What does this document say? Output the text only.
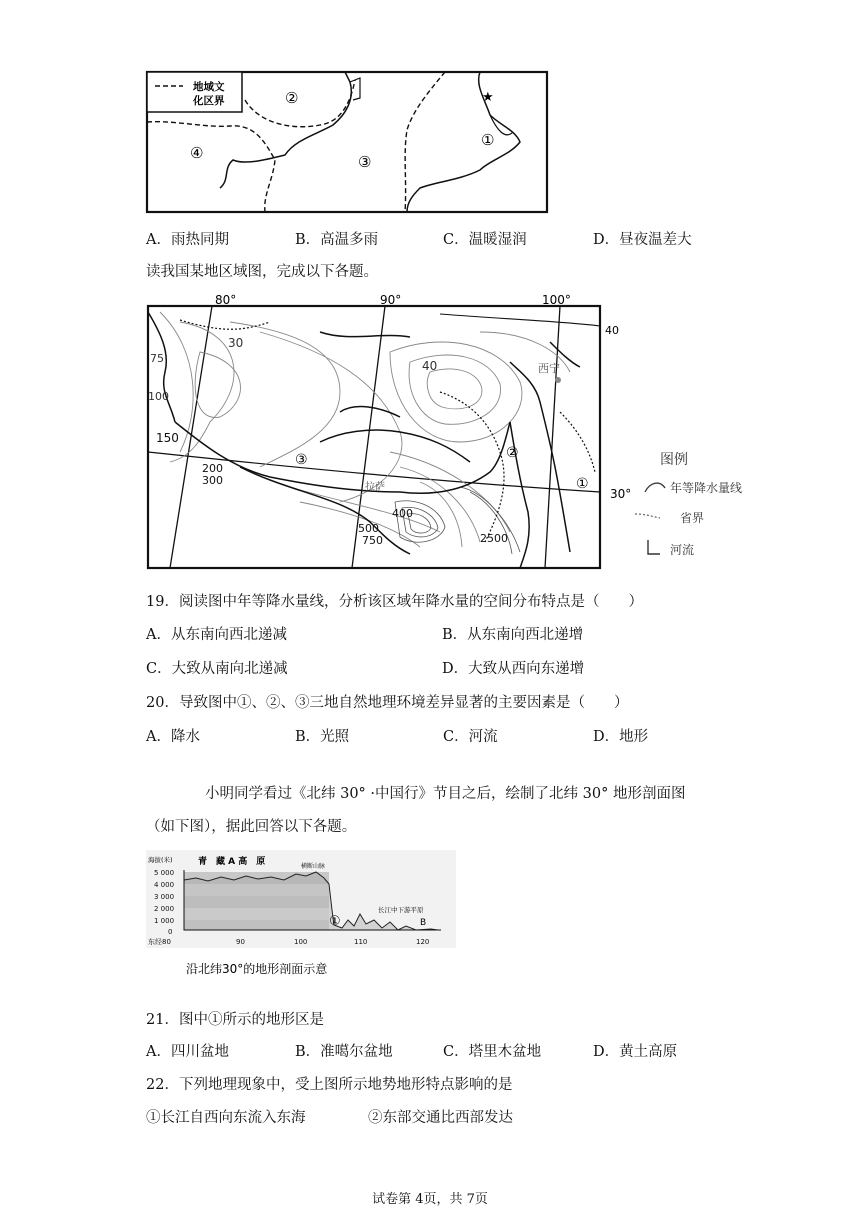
地域文
化区界	★
②
④	③
①
A．雨热同期	B．高温多雨	C．温暖湿润	D．昼夜温差大
读我国某地区域图，完成以下各题。
80°	90°	100°
40
30°
30
75
100
150
200
300
40
500
750
400
2500
西宁
拉萨
③	②
①
图例
年等降水量线
省界
河流
19．阅读图中年等降水量线，分析该区域年降水量的空间分布特点是（　　）
A．从东南向西北递减	B．从东南向西北递增
C．大致从南向北递减	D．大致从西向东递增
20．导致图中①、②、③三地自然地理环境差异显著的主要因素是（　　）
A．降水	B．光照	C．河流	D．地形
小明同学看过《北纬 30° ·中国行》节目之后，绘制了北纬 30° 地形剖面图
（如下图），据此回答以下各题。
海拔(米)
5 000
4 000
3 000
2 000
1 000
0
东经 80	90	100	110	120
青　藏 A 高　原	横断山脉
①
长江中下游平原
B
沿北纬30°的地形剖面示意
21．图中①所示的地形区是
A．四川盆地	B．准噶尔盆地	C．塔里木盆地	D．黄土高原
22．下列地理现象中，受上图所示地势地形特点影响的是
①长江自西向东流入东海	②东部交通比西部发达
试卷第 4页，共 7页
